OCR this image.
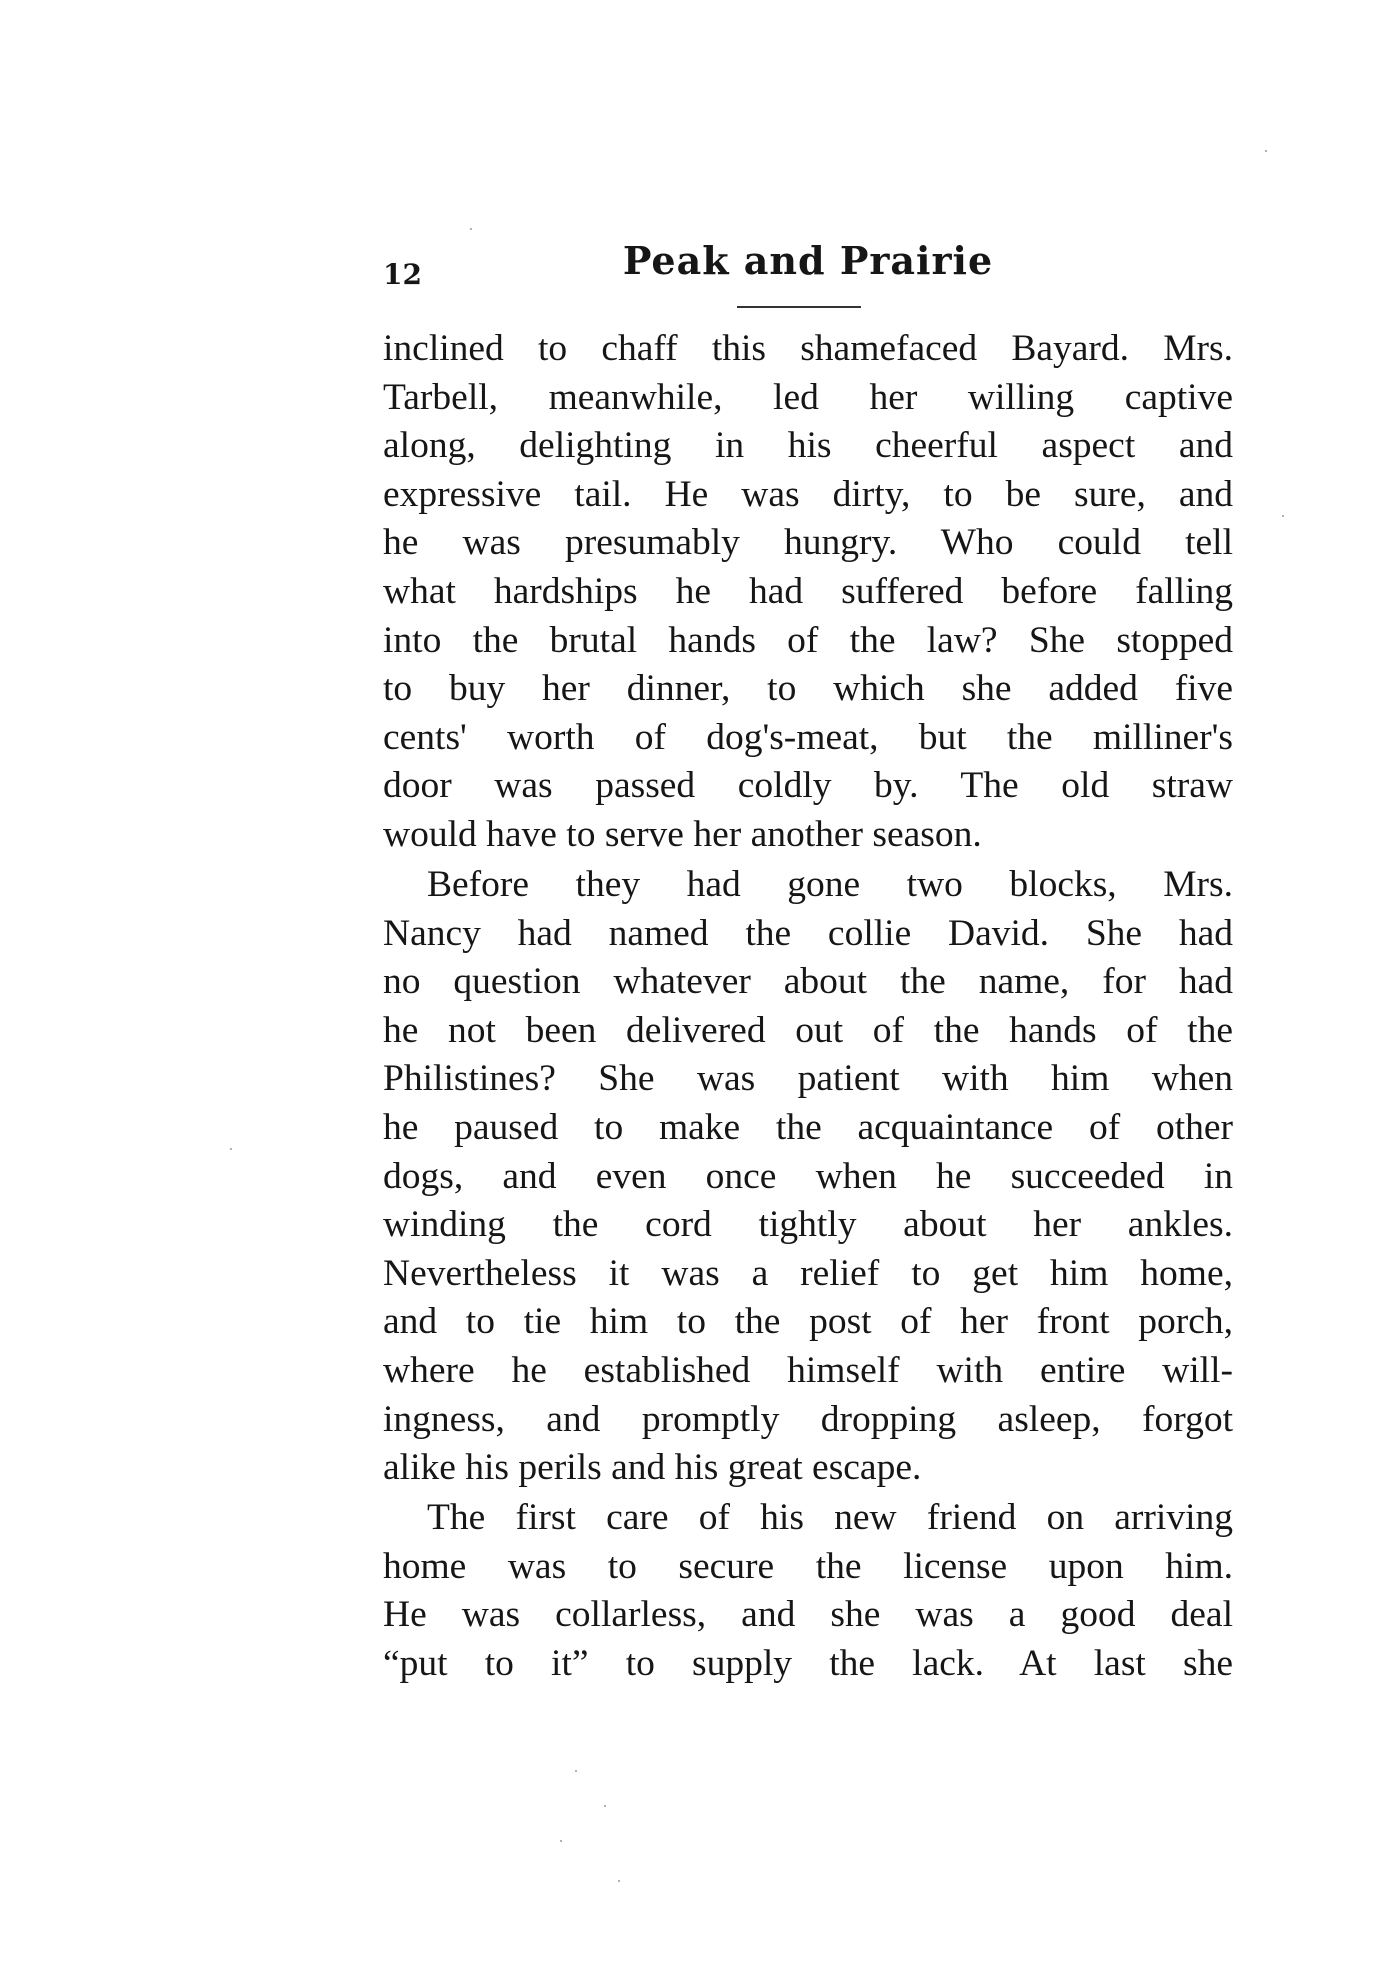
12	Peak and Prairie

inclined to chaff this shamefaced Bayard. Mrs.
Tarbell, meanwhile, led her willing captive
along, delighting in his cheerful aspect and
expressive tail. He was dirty, to be sure, and
he was presumably hungry. Who could tell
what hardships he had suffered before falling
into the brutal hands of the law? She stopped
to buy her dinner, to which she added five
cents' worth of dog's-meat, but the milliner's
door was passed coldly by. The old straw
would have to serve her another season.

Before they had gone two blocks, Mrs.
Nancy had named the collie David. She had
no question whatever about the name, for had
he not been delivered out of the hands of the
Philistines? She was patient with him when
he paused to make the acquaintance of other
dogs, and even once when he succeeded in
winding the cord tightly about her ankles.
Nevertheless it was a relief to get him home,
and to tie him to the post of her front porch,
where he established himself with entire will-
ingness, and promptly dropping asleep, forgot
alike his perils and his great escape.

The first care of his new friend on arriving
home was to secure the license upon him.
He was collarless, and she was a good deal
“put to it” to supply the lack. At last she
